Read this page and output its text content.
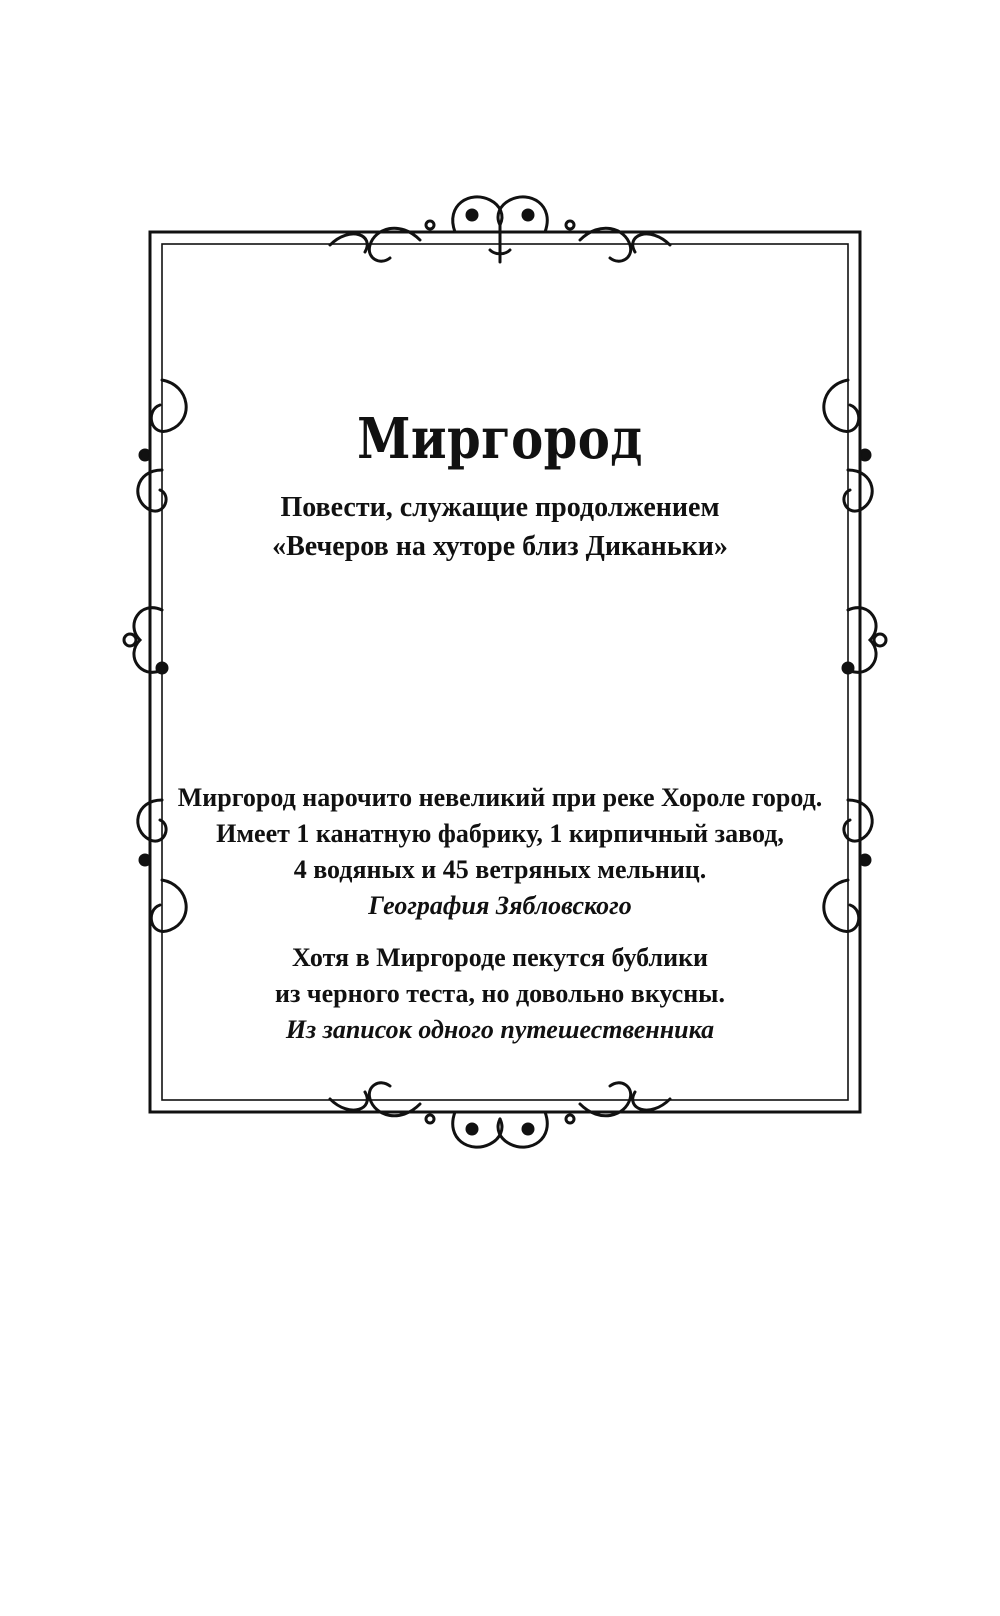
Миргород
Повести, служащие продолжением
«Вечеров на хуторе близ Диканьки»
Миргород нарочито невеликий при реке Хороле город.
Имеет 1 канатную фабрику, 1 кирпичный завод,
4 водяных и 45 ветряных мельниц.
География Зябловского
Хотя в Миргороде пекутся бублики
из черного теста, но довольно вкусны.
Из записок одного путешественника
